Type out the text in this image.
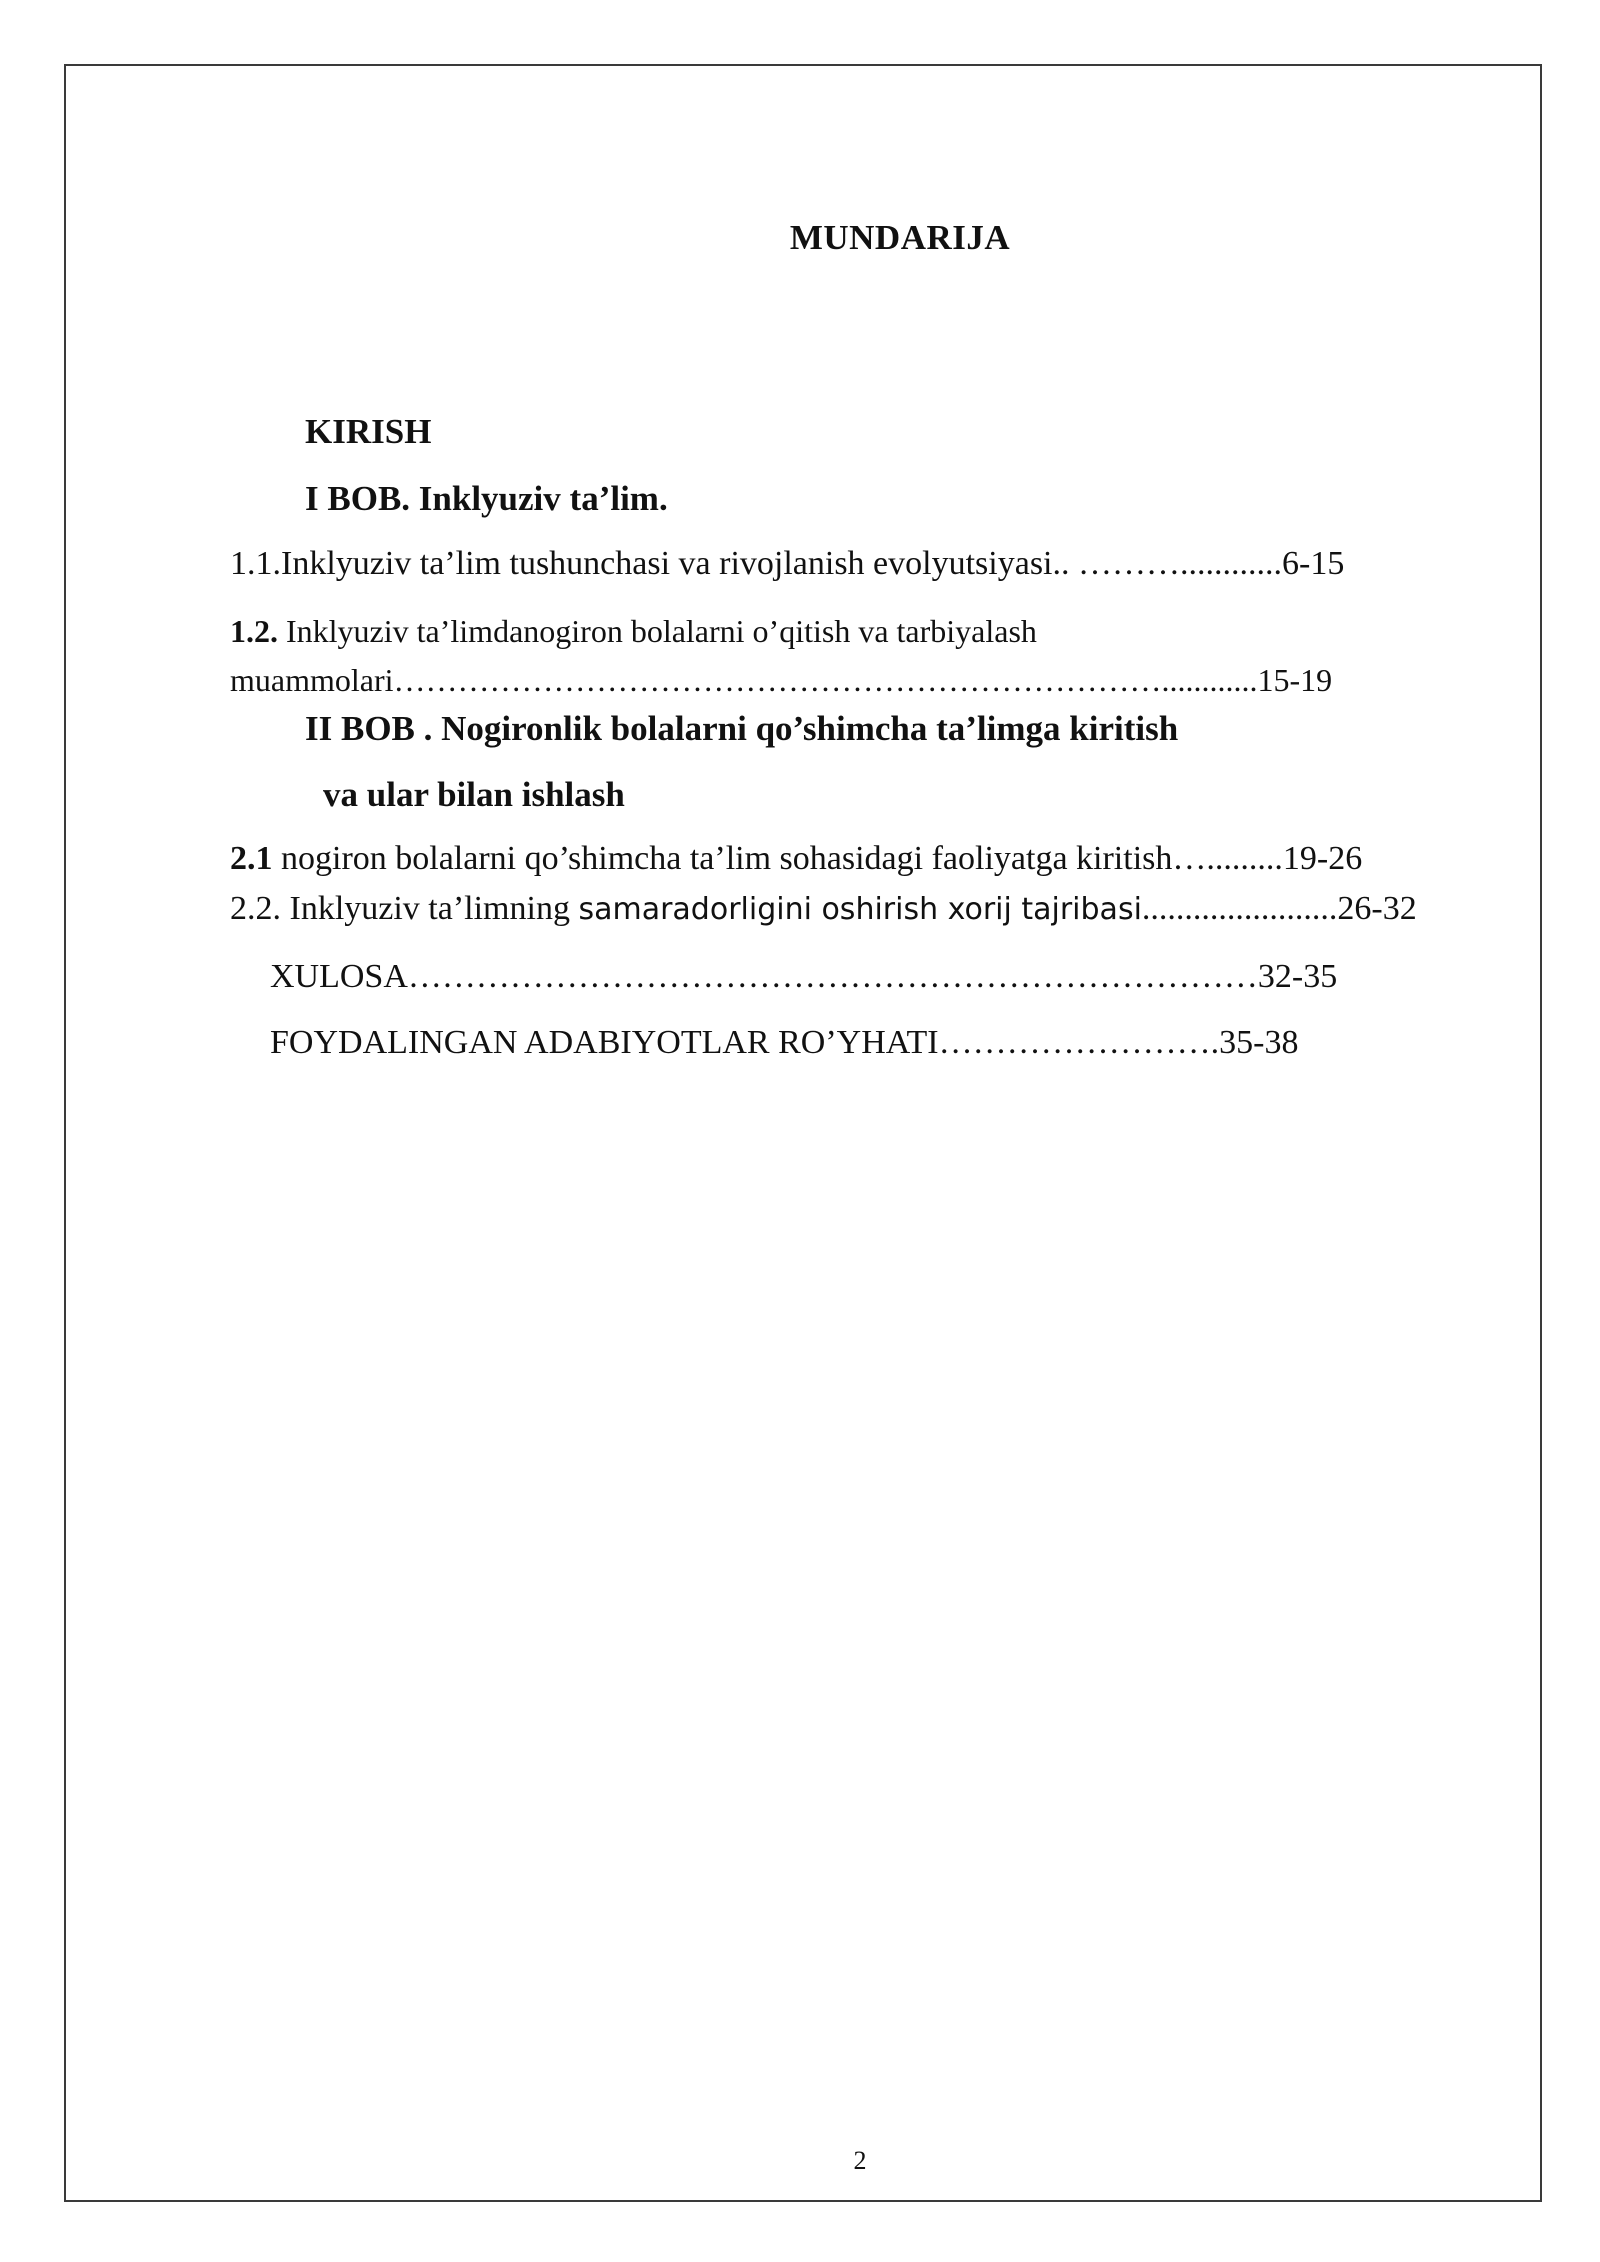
MUNDARIJA
KIRISH
I BOB. Inklyuziv ta’lim.
1.1.Inklyuziv ta’lim tushunchasi va rivojlanish evolyutsiyasi.. ………............6-15
1.2. Inklyuziv ta’limdanogiron bolalarni o’qitish va tarbiyalash
muammolari………………………………………………………………............15-19
II BOB . Nogironlik bolalarni qo’shimcha ta’limga kiritish
va ular bilan ishlash
2.1 nogiron bolalarni qo’shimcha ta’lim sohasidagi faoliyatga kiritish….........19-26
2.2. Inklyuziv ta’limning samaradorligini oshirish xorij tajribasi.......................26-32
XULOSA…………………………………………………………………32-35
FOYDALINGAN ADABIYOTLAR RO’YHATI…………………….35-38
2
